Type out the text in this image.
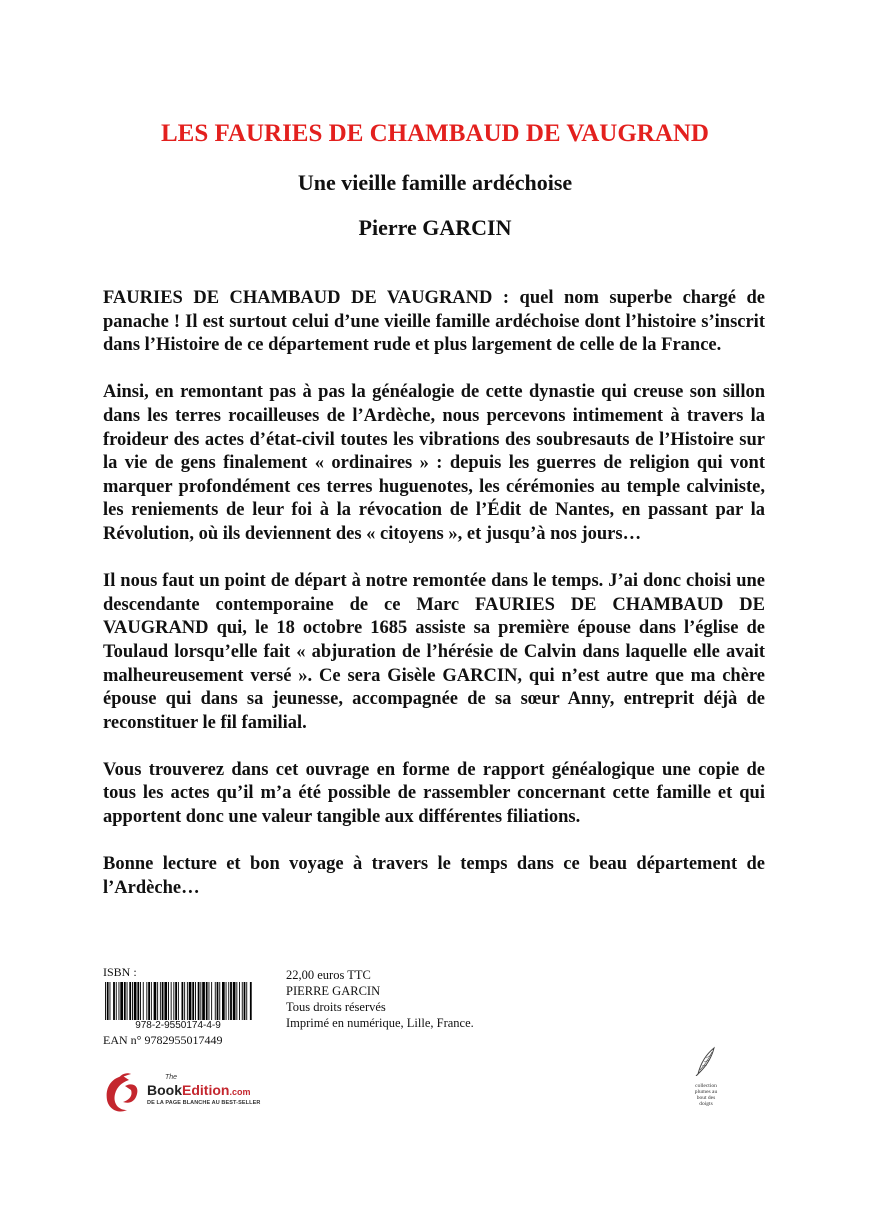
LES FAURIES DE CHAMBAUD DE VAUGRAND
Une vieille famille ardéchoise
Pierre GARCIN

FAURIES DE CHAMBAUD DE VAUGRAND : quel nom superbe chargé de panache ! Il est surtout celui d’une vieille famille ardéchoise dont l’histoire s’inscrit dans l’Histoire de ce département rude et plus largement de celle de la France.

Ainsi, en remontant pas à pas la généalogie de cette dynastie qui creuse son sillon dans les terres rocailleuses de l’Ardèche, nous percevons intimement à travers la froideur des actes d’état-civil toutes les vibrations des soubresauts de l’Histoire sur la vie de gens finalement « ordinaires » : depuis les guerres de religion qui vont marquer profondément ces terres huguenotes, les cérémonies au temple calviniste, les reniements de leur foi à la révocation de l’Édit de Nantes, en passant par la Révolution, où ils deviennent des « citoyens », et jusqu’à nos jours…

Il nous faut un point de départ à notre remontée dans le temps. J’ai donc choisi une descendante contemporaine de ce Marc FAURIES DE CHAMBAUD DE VAUGRAND qui, le 18 octobre 1685 assiste sa première épouse dans l’église de Toulaud lorsqu’elle fait « abjuration de l’hérésie de Calvin dans laquelle elle avait malheureusement versé ». Ce sera Gisèle GARCIN, qui n’est autre que ma chère épouse qui dans sa jeunesse, accompagnée de sa sœur Anny, entreprit déjà de reconstituer le fil familial.

Vous trouverez dans cet ouvrage en forme de rapport généalogique une copie de tous les actes qu’il m’a été possible de rassembler concernant cette famille et qui apportent donc une valeur tangible aux différentes filiations.

Bonne lecture et bon voyage à travers le temps dans ce beau département de l’Ardèche…

ISBN :
978-2-9550174-4-9
EAN n° 9782955017449
22,00 euros TTC
PIERRE GARCIN
Tous droits réservés
Imprimé en numérique, Lille, France.
The
BookEdition.com
DE LA PAGE BLANCHE AU BEST-SELLER
collection
plumes au
bout des
doigts
